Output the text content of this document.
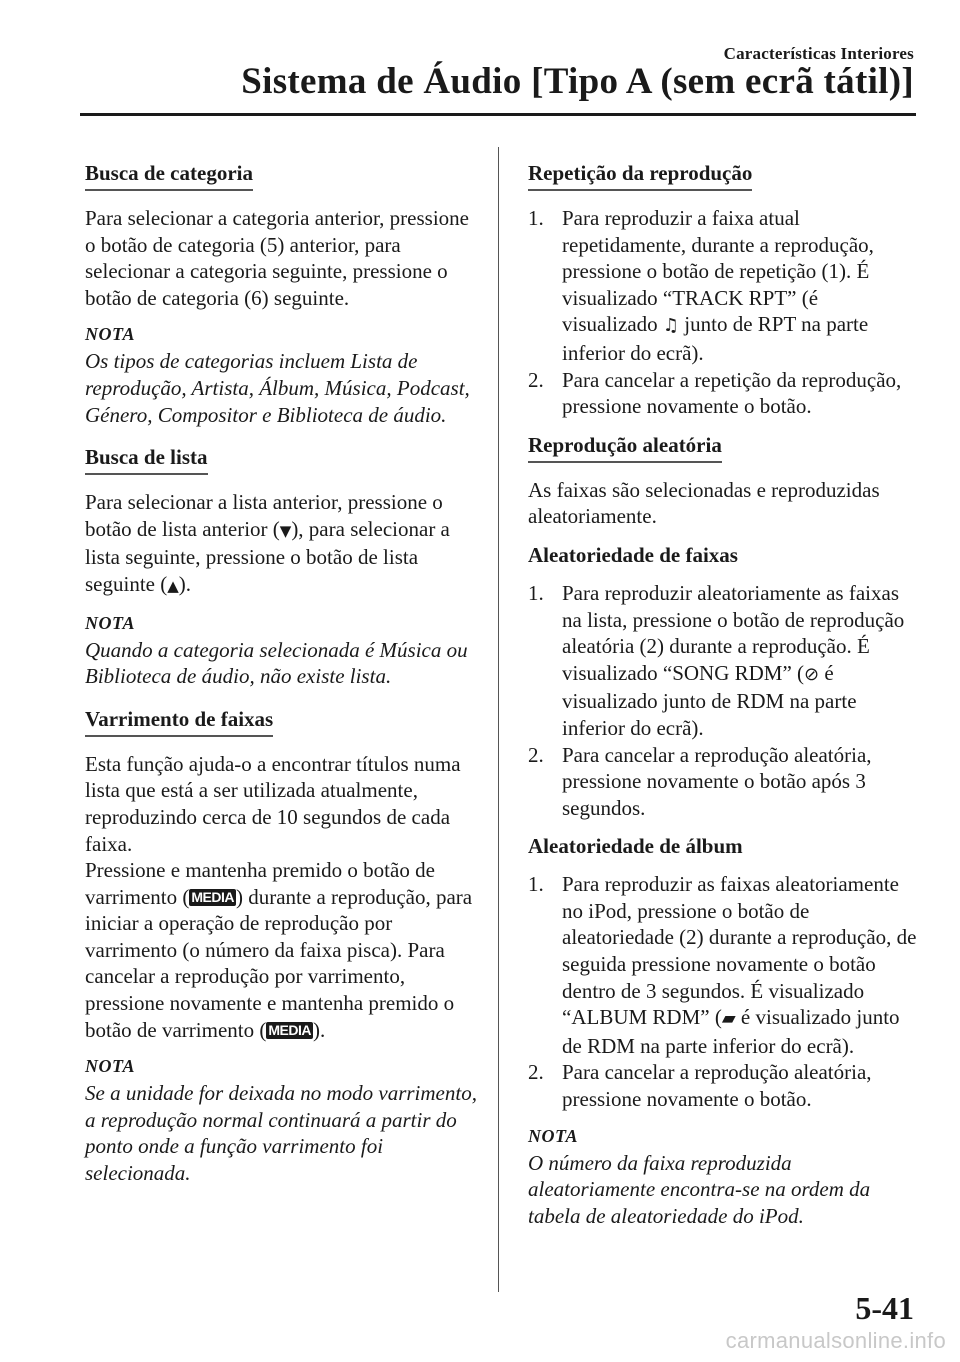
Características Interiores
Sistema de Áudio [Tipo A (sem ecrã tátil)]
Busca de categoria

Para selecionar a categoria anterior, pressione o botão de categoria (5) anterior, para selecionar a categoria seguinte, pressione o botão de categoria (6) seguinte.

NOTA
Os tipos de categorias incluem Lista de reprodução, Artista, Álbum, Música, Podcast, Género, Compositor e Biblioteca de áudio.
Busca de lista

Para selecionar a lista anterior, pressione o botão de lista anterior (▼), para selecionar a lista seguinte, pressione o botão de lista seguinte (▲).

NOTA
Quando a categoria selecionada é Música ou Biblioteca de áudio, não existe lista.
Varrimento de faixas

Esta função ajuda-o a encontrar títulos numa lista que está a ser utilizada atualmente, reproduzindo cerca de 10 segundos de cada faixa.

Pressione e mantenha premido o botão de varrimento ( MEDIA) durante a reprodução, para iniciar a operação de reprodução por varrimento (o número da faixa pisca). Para cancelar a reprodução por varrimento, pressione novamente e mantenha premido o botão de varrimento ( MEDIA).

NOTA
Se a unidade for deixada no modo varrimento, a reprodução normal continuará a partir do ponto onde a função varrimento foi selecionada.
Repetição da reprodução
1. Para reproduzir a faixa atual repetidamente, durante a reprodução, pressione o botão de repetição (1). É visualizado “TRACK RPT” (é visualizado ♫ junto de RPT na parte inferior do ecrã).
2. Para cancelar a repetição da reprodução, pressione novamente o botão.
Reprodução aleatória

As faixas são selecionadas e reproduzidas aleatoriamente.

Aleatoriedade de faixas
1. Para reproduzir aleatoriamente as faixas na lista, pressione o botão de reprodução aleatória (2) durante a reprodução. É visualizado “SONG RDM” (⊘ é visualizado junto de RDM na parte inferior do ecrã).
2. Para cancelar a reprodução aleatória, pressione novamente o botão após 3 segundos.
Aleatoriedade de álbum
1. Para reproduzir as faixas aleatoriamente no iPod, pressione o botão de aleatoriedade (2) durante a reprodução, de seguida pressione novamente o botão dentro de 3 segundos. É visualizado “ALBUM RDM” (▰ é visualizado junto de RDM na parte inferior do ecrã).
2. Para cancelar a reprodução aleatória, pressione novamente o botão.
NOTA
O número da faixa reproduzida aleatoriamente encontra-se na ordem da tabela de aleatoriedade do iPod.
5-41
carmanualsonline.info
